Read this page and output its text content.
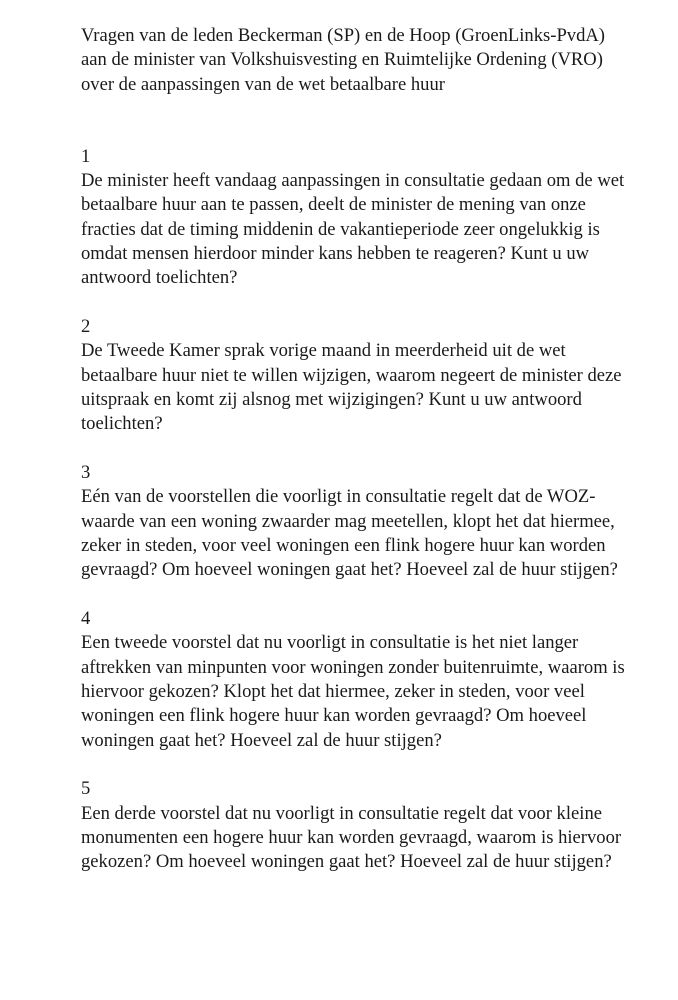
Vragen van de leden Beckerman (SP) en de Hoop (GroenLinks-PvdA) aan de minister van Volkshuisvesting en Ruimtelijke Ordening (VRO) over de aanpassingen van de wet betaalbare huur

1
De minister heeft vandaag aanpassingen in consultatie gedaan om de wet betaalbare huur aan te passen, deelt de minister de mening van onze fracties dat de timing middenin de vakantieperiode zeer ongelukkig is omdat mensen hierdoor minder kans hebben te reageren? Kunt u uw antwoord toelichten?
2
De Tweede Kamer sprak vorige maand in meerderheid uit de wet betaalbare huur niet te willen wijzigen, waarom negeert de minister deze uitspraak en komt zij alsnog met wijzigingen? Kunt u uw antwoord toelichten?
3
Eén van de voorstellen die voorligt in consultatie regelt dat de WOZ-waarde van een woning zwaarder mag meetellen, klopt het dat hiermee, zeker in steden, voor veel woningen een flink hogere huur kan worden gevraagd? Om hoeveel woningen gaat het? Hoeveel zal de huur stijgen?
4
Een tweede voorstel dat nu voorligt in consultatie is het niet langer aftrekken van minpunten voor woningen zonder buitenruimte, waarom is hiervoor gekozen? Klopt het dat hiermee, zeker in steden, voor veel woningen een flink hogere huur kan worden gevraagd? Om hoeveel woningen gaat het? Hoeveel zal de huur stijgen?
5
Een derde voorstel dat nu voorligt in consultatie regelt dat voor kleine monumenten een hogere huur kan worden gevraagd, waarom is hiervoor gekozen? Om hoeveel woningen gaat het? Hoeveel zal de huur stijgen?
